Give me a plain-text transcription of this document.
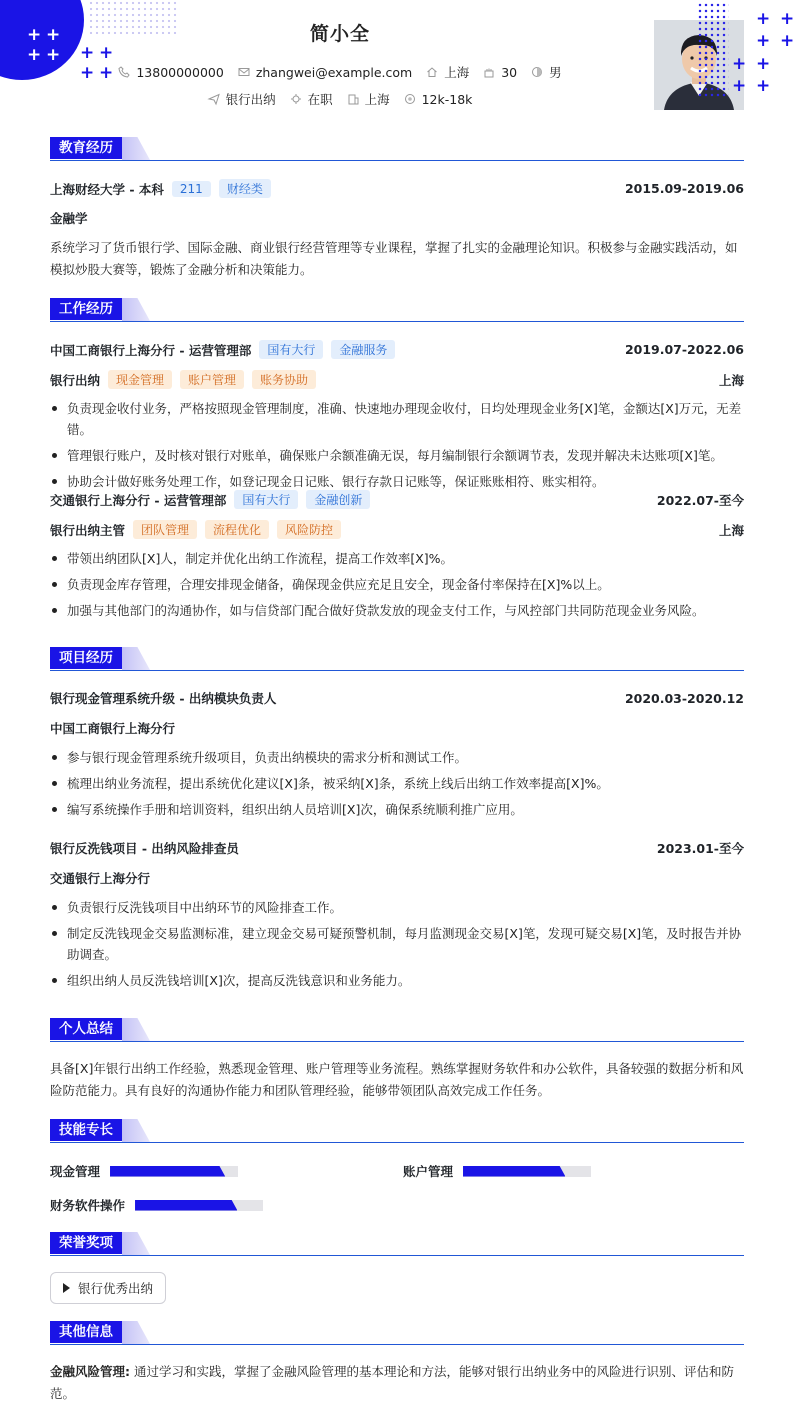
+ +
+ + + +
+ +
+ +
+ +
+ +
+ +
简小全
13800000000	zhangwei@example.com	上海	30	男
银行出纳	在职	上海	12k-18k
教育经历
上海财经大学 - 本科	211	财经类	2015.09-2019.06
金融学
系统学习了货币银行学、国际金融、商业银行经营管理等专业课程，掌握了扎实的金融理论知识。积极参与金融实践活动，如模拟炒股大赛等，锻炼了金融分析和决策能力。
工作经历
中国工商银行上海分行 - 运营管理部	国有大行	金融服务	2019.07-2022.06
银行出纳	现金管理	账户管理	账务协助	上海
负责现金收付业务，严格按照现金管理制度，准确、快速地办理现金收付，日均处理现金业务[X]笔，金额达[X]万元，无差错。
管理银行账户，及时核对银行对账单，确保账户余额准确无误，每月编制银行余额调节表，发现并解决未达账项[X]笔。
协助会计做好账务处理工作，如登记现金日记账、银行存款日记账等，保证账账相符、账实相符。
交通银行上海分行 - 运营管理部	国有大行	金融创新	2022.07-至今
银行出纳主管	团队管理	流程优化	风险防控	上海
带领出纳团队[X]人，制定并优化出纳工作流程，提高工作效率[X]%。
负责现金库存管理，合理安排现金储备，确保现金供应充足且安全，现金备付率保持在[X]%以上。
加强与其他部门的沟通协作，如与信贷部门配合做好贷款发放的现金支付工作，与风控部门共同防范现金业务风险。
项目经历
银行现金管理系统升级 - 出纳模块负责人	2020.03-2020.12
中国工商银行上海分行
参与银行现金管理系统升级项目，负责出纳模块的需求分析和测试工作。
梳理出纳业务流程，提出系统优化建议[X]条，被采纳[X]条，系统上线后出纳工作效率提高[X]%。
编写系统操作手册和培训资料，组织出纳人员培训[X]次，确保系统顺利推广应用。
银行反洗钱项目 - 出纳风险排查员	2023.01-至今
交通银行上海分行
负责银行反洗钱项目中出纳环节的风险排查工作。
制定反洗钱现金交易监测标准，建立现金交易可疑预警机制，每月监测现金交易[X]笔，发现可疑交易[X]笔，及时报告并协助调查。
组织出纳人员反洗钱培训[X]次，提高反洗钱意识和业务能力。
个人总结
具备[X]年银行出纳工作经验，熟悉现金管理、账户管理等业务流程。熟练掌握财务软件和办公软件，具备较强的数据分析和风险防范能力。具有良好的沟通协作能力和团队管理经验，能够带领团队高效完成工作任务。
技能专长
现金管理	账户管理
财务软件操作
荣誉奖项
银行优秀出纳
其他信息
金融风险管理: 通过学习和实践，掌握了金融风险管理的基本理论和方法，能够对银行出纳业务中的风险进行识别、评估和防范。
